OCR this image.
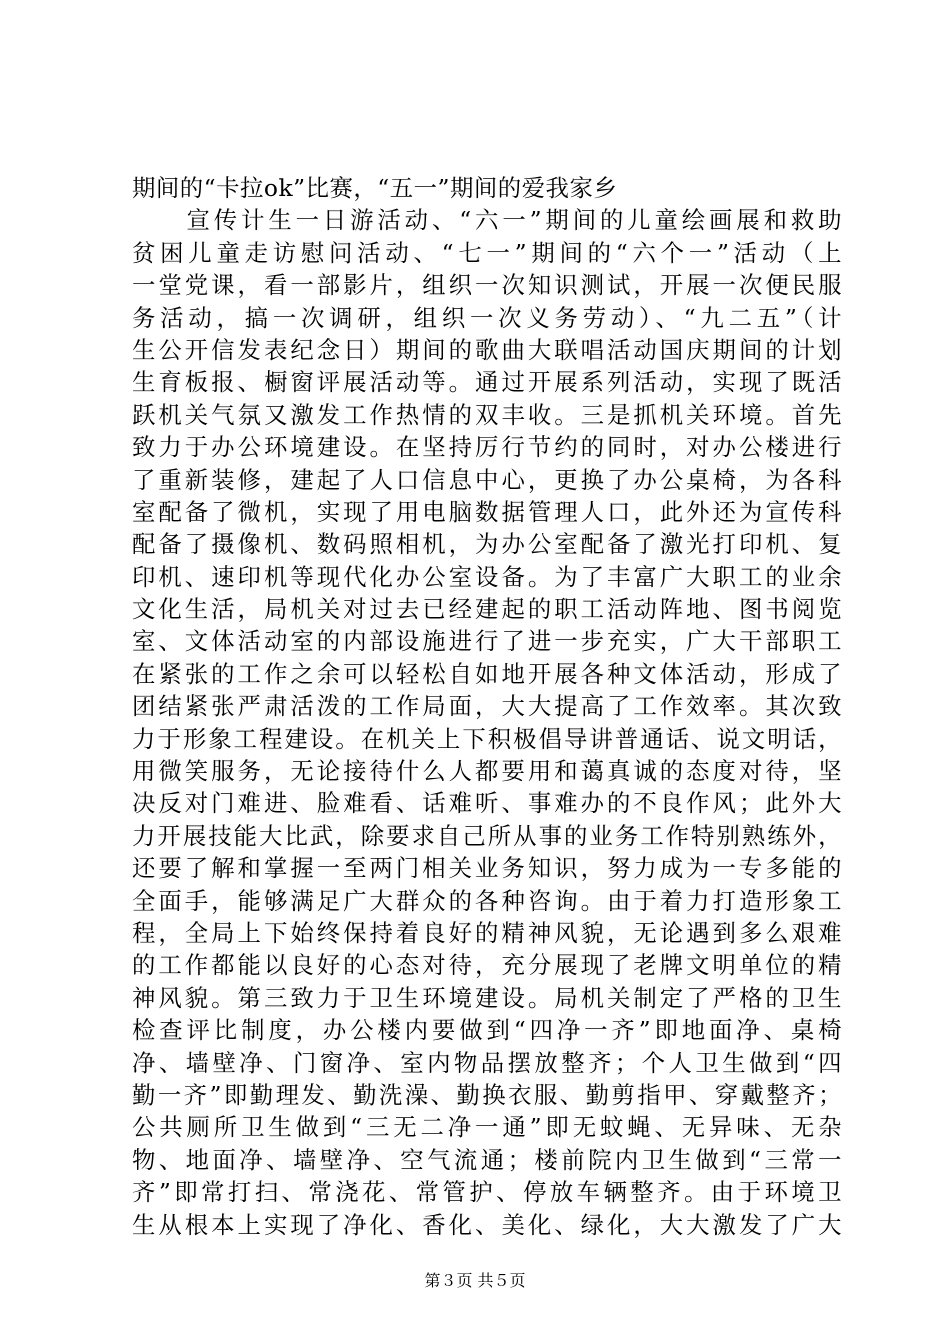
期间的“卡拉ok”比赛，“五一”期间的爱我家乡
　　宣传计生一日游活动、“六一”期间的儿童绘画展和救助
贫困儿童走访慰问活动、“七一”期间的“六个一”活动（上
一堂党课，看一部影片，组织一次知识测试，开展一次便民服
务活动，搞一次调研，组织一次义务劳动）、“九二五”（计
生公开信发表纪念日）期间的歌曲大联唱活动国庆期间的计划
生育板报、橱窗评展活动等。通过开展系列活动，实现了既活
跃机关气氛又激发工作热情的双丰收。三是抓机关环境。首先
致力于办公环境建设。在坚持厉行节约的同时，对办公楼进行
了重新装修，建起了人口信息中心，更换了办公桌椅，为各科
室配备了微机，实现了用电脑数据管理人口，此外还为宣传科
配备了摄像机、数码照相机，为办公室配备了激光打印机、复
印机、速印机等现代化办公室设备。为了丰富广大职工的业余
文化生活，局机关对过去已经建起的职工活动阵地、图书阅览
室、文体活动室的内部设施进行了进一步充实，广大干部职工
在紧张的工作之余可以轻松自如地开展各种文体活动，形成了
团结紧张严肃活泼的工作局面，大大提高了工作效率。其次致
力于形象工程建设。在机关上下积极倡导讲普通话、说文明话，
用微笑服务，无论接待什么人都要用和蔼真诚的态度对待，坚
决反对门难进、脸难看、话难听、事难办的不良作风；此外大
力开展技能大比武，除要求自己所从事的业务工作特别熟练外，
还要了解和掌握一至两门相关业务知识，努力成为一专多能的
全面手，能够满足广大群众的各种咨询。由于着力打造形象工
程，全局上下始终保持着良好的精神风貌，无论遇到多么艰难
的工作都能以良好的心态对待，充分展现了老牌文明单位的精
神风貌。第三致力于卫生环境建设。局机关制定了严格的卫生
检查评比制度，办公楼内要做到“四净一齐”即地面净、桌椅
净、墙壁净、门窗净、室内物品摆放整齐；个人卫生做到“四
勤一齐”即勤理发、勤洗澡、勤换衣服、勤剪指甲、穿戴整齐；
公共厕所卫生做到“三无二净一通”即无蚊蝇、无异味、无杂
物、地面净、墙壁净、空气流通；楼前院内卫生做到“三常一
齐”即常打扫、常浇花、常管护、停放车辆整齐。由于环境卫
生从根本上实现了净化、香化、美化、绿化，大大激发了广大
第３页 共５页
